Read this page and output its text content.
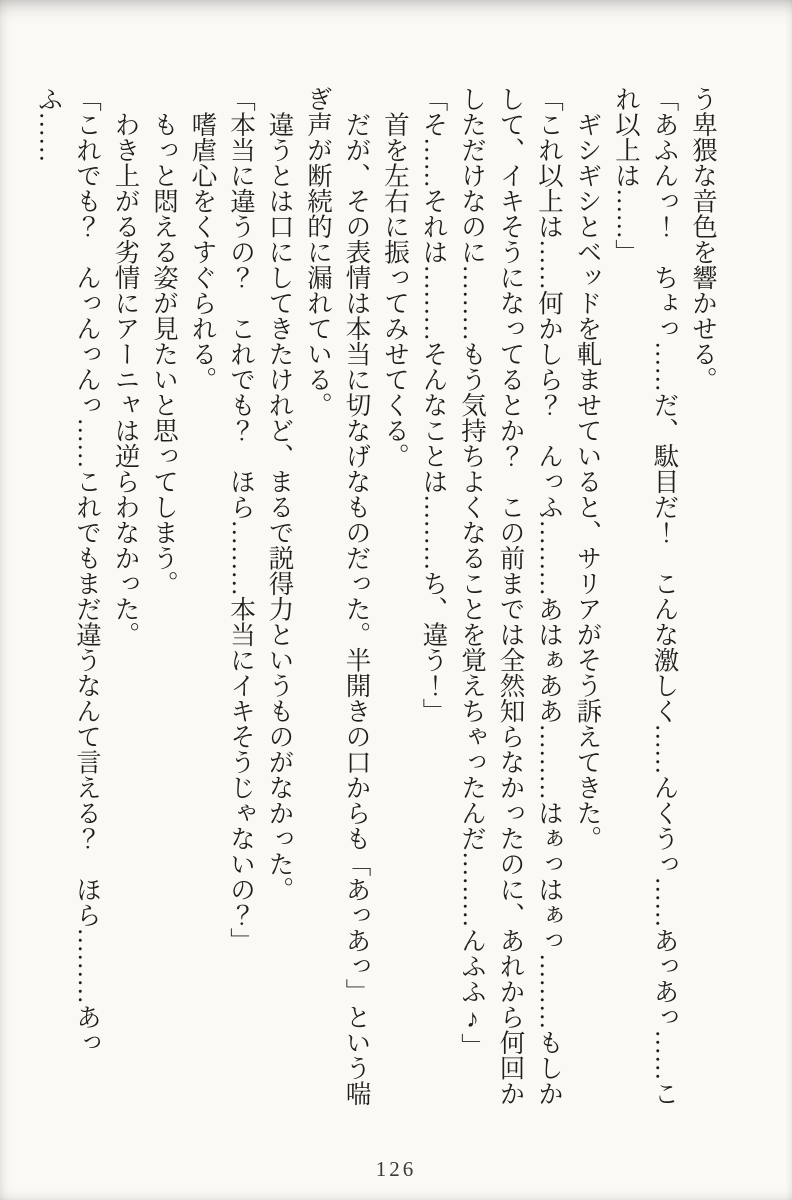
う卑猥な音色を響かせる。

「あふんっ！　ちょっ……だ、駄目だ！　こんな激しく……んくうっ……あっあっ……これ以上は……」

　ギシギシとベッドを軋ませていると、サリアがそう訴えてきた。

「これ以上は……何かしら？　んっふ………あはぁああ………はぁっはぁっ………もしかして、イキそうになってるとか？　この前までは全然知らなかったのに、あれから何回かしただけなのに………もう気持ちよくなることを覚えちゃったんだ………んふふ♪」

「そ……それは………そんなことは………ち、違う！」

　首を左右に振ってみせてくる。

　だが、その表情は本当に切なげなものだった。半開きの口からも「あっあっ」という喘ぎ声が断続的に漏れている。

　違うとは口にしてきたけれど、まるで説得力というものがなかった。

「本当に違うの？　これでも？　ほら………本当にイキそうじゃないの？」

　嗜虐心をくすぐられる。

　もっと悶える姿が見たいと思ってしまう。

　わき上がる劣情にアーニャは逆らわなかった。

「これでも？　んっんっんっ……これでもまだ違うなんて言える？　ほら………あっふ……

126
